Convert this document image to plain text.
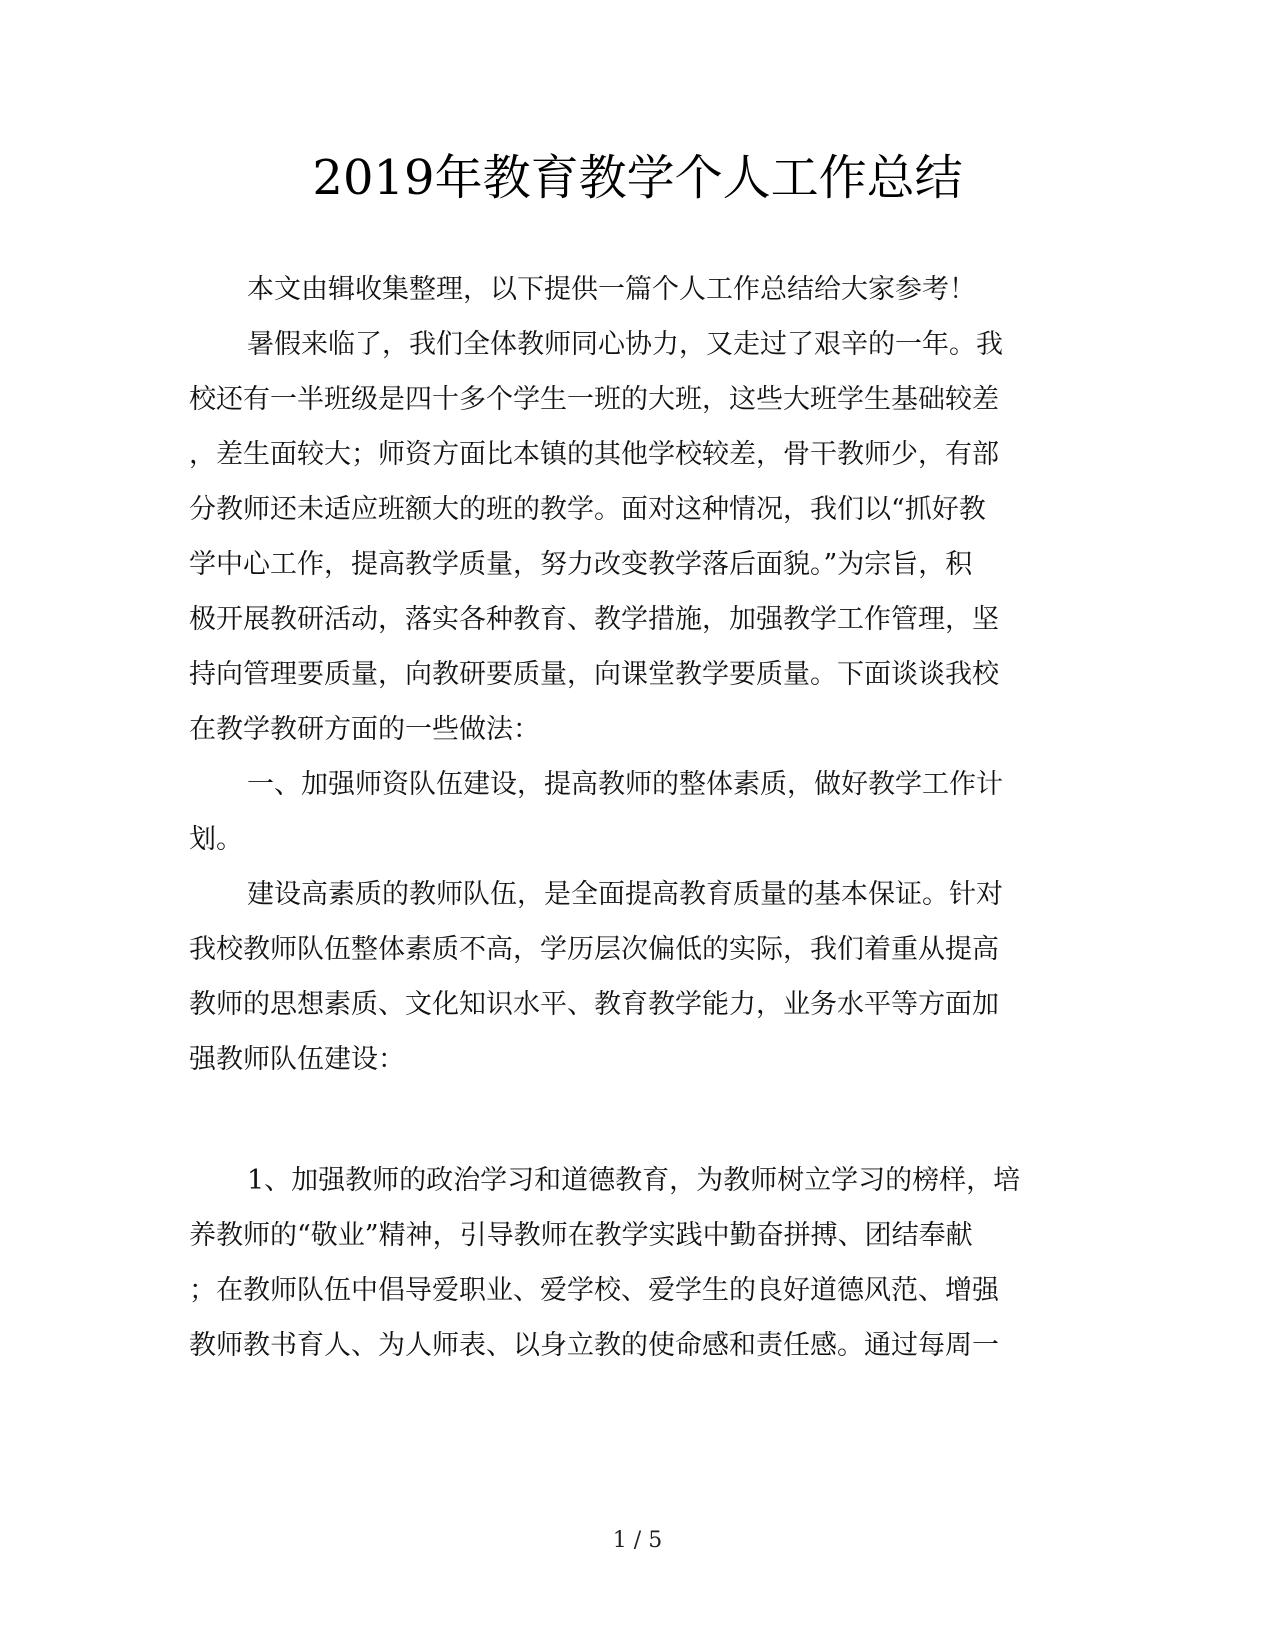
2019年教育教学个人工作总结
本文由辑收集整理，以下提供一篇个人工作总结给大家参考！
暑假来临了，我们全体教师同心协力，又走过了艰辛的一年。我
校还有一半班级是四十多个学生一班的大班，这些大班学生基础较差
，差生面较大；师资方面比本镇的其他学校较差，骨干教师少，有部
分教师还未适应班额大的班的教学。面对这种情况，我们以“抓好教
学中心工作，提高教学质量，努力改变教学落后面貌。”为宗旨，积
极开展教研活动，落实各种教育、教学措施，加强教学工作管理，坚
持向管理要质量，向教研要质量，向课堂教学要质量。下面谈谈我校
在教学教研方面的一些做法：
一、加强师资队伍建设，提高教师的整体素质，做好教学工作计
划。
建设高素质的教师队伍，是全面提高教育质量的基本保证。针对
我校教师队伍整体素质不高，学历层次偏低的实际，我们着重从提高
教师的思想素质、文化知识水平、教育教学能力，业务水平等方面加
强教师队伍建设：
1、加强教师的政治学习和道德教育，为教师树立学习的榜样，培
养教师的“敬业”精神，引导教师在教学实践中勤奋拼搏、团结奉献
；在教师队伍中倡导爱职业、爱学校、爱学生的良好道德风范、增强
教师教书育人、为人师表、以身立教的使命感和责任感。通过每周一
1 / 5
